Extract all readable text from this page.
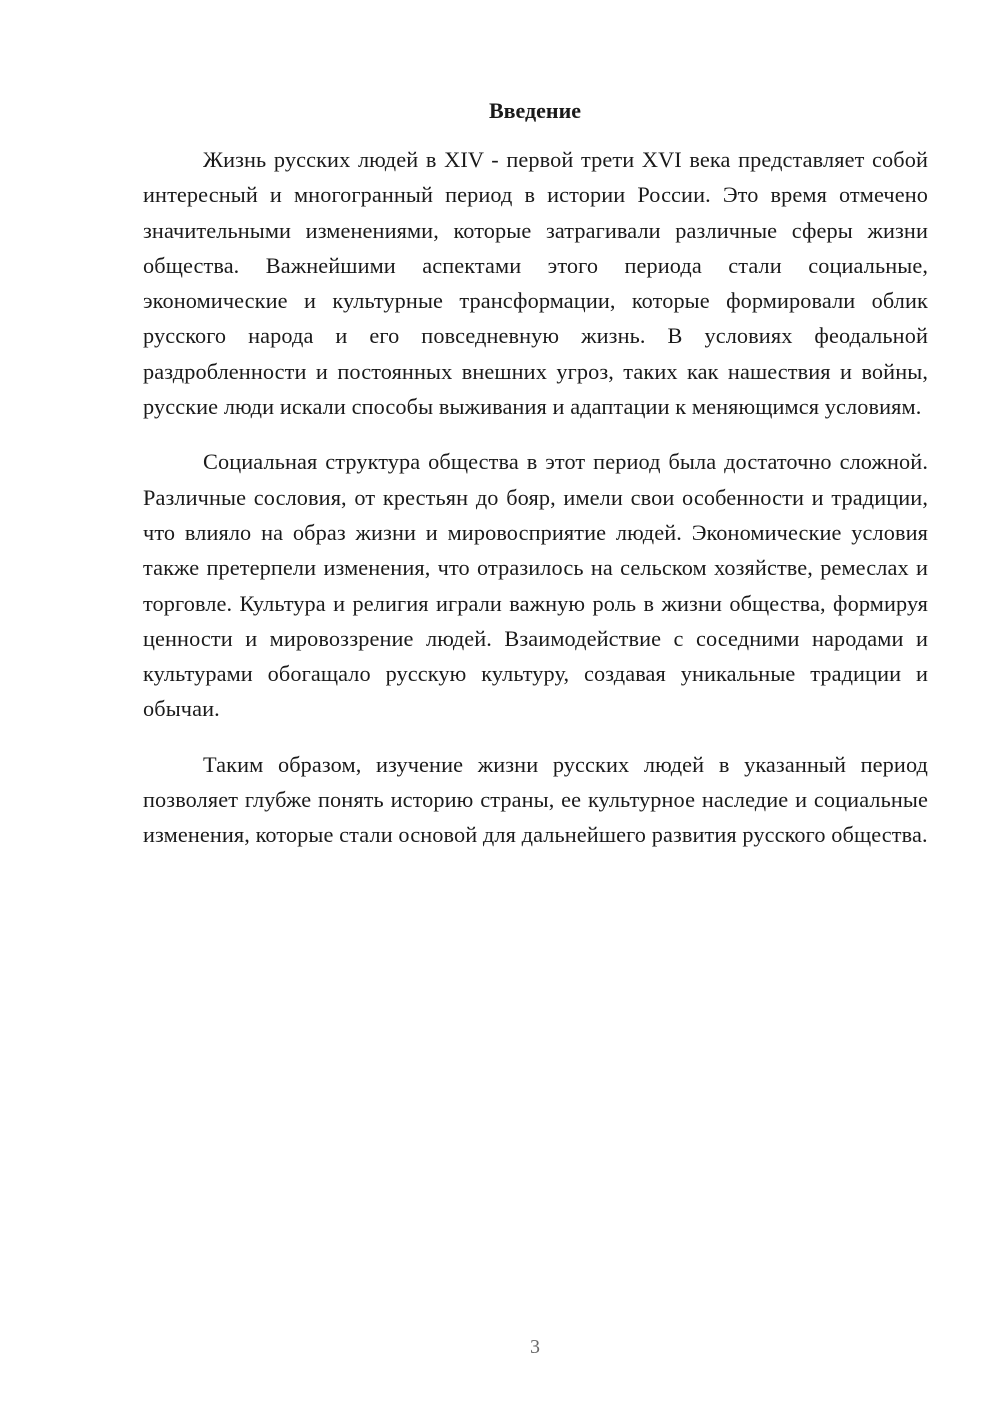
Введение

Жизнь русских людей в XIV - первой трети XVI века представляет собой интересный и многогранный период в истории России. Это время отмечено значительными изменениями, которые затрагивали различные сферы жизни общества. Важнейшими аспектами этого периода стали социальные, экономические и культурные трансформации, которые формировали облик русского народа и его повседневную жизнь. В условиях феодальной раздробленности и постоянных внешних угроз, таких как нашествия и войны, русские люди искали способы выживания и адаптации к меняющимся условиям.

Социальная структура общества в этот период была достаточно сложной. Различные сословия, от крестьян до бояр, имели свои особенности и традиции, что влияло на образ жизни и мировосприятие людей. Экономические условия также претерпели изменения, что отразилось на сельском хозяйстве, ремеслах и торговле. Культура и религия играли важную роль в жизни общества, формируя ценности и мировоззрение людей. Взаимодействие с соседними народами и культурами обогащало русскую культуру, создавая уникальные традиции и обычаи.

Таким образом, изучение жизни русских людей в указанный период позволяет глубже понять историю страны, ее культурное наследие и социальные изменения, которые стали основой для дальнейшего развития русского общества.

3
